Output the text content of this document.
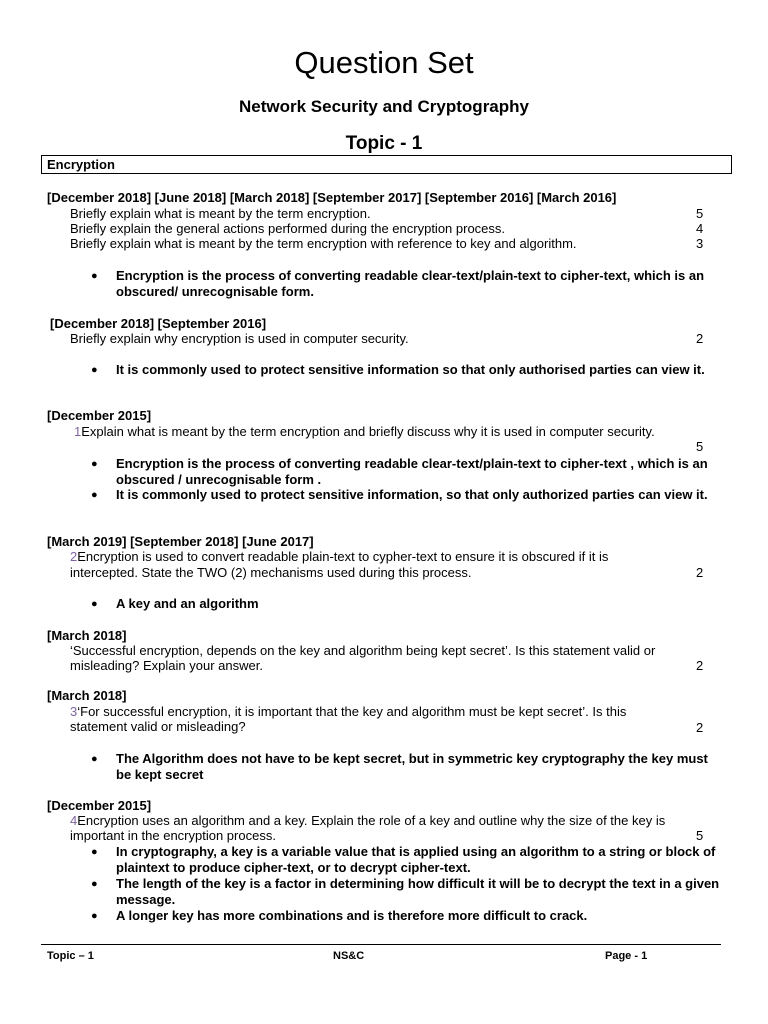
Question Set
Network Security and Cryptography
Topic - 1
Encryption
[December 2018] [June 2018] [March 2018] [September 2017] [September 2016] [March 2016]
Briefly explain what is meant by the term encryption.	5
Briefly explain the general actions performed during the encryption process.	4
Briefly explain what is meant by the term encryption with reference to key and algorithm.	3
● Encryption is the process of converting readable clear-text/plain-text to cipher-text, which is an obscured/ unrecognisable form.
[December 2018] [September 2016]
Briefly explain why encryption is used in computer security.	2
● It is commonly used to protect sensitive information so that only authorised parties can view it.
[December 2015]
1Explain what is meant by the term encryption and briefly discuss why it is used in computer security.
5
● Encryption is the process of converting readable clear-text/plain-text to cipher-text , which is an obscured / unrecognisable form .
● It is commonly used to protect sensitive information, so that only authorized parties can view it.
[March 2019] [September 2018] [June 2017]
2Encryption is used to convert readable plain-text to cypher-text to ensure it is obscured if it is
intercepted. State the TWO (2) mechanisms used during this process.	2
● A key and an algorithm
[March 2018]
‘Successful encryption, depends on the key and algorithm being kept secret’. Is this statement valid or
misleading? Explain your answer.	2
[March 2018]
3‘For successful encryption, it is important that the key and algorithm must be kept secret’. Is this
statement valid or misleading?	2
● The Algorithm does not have to be kept secret, but in symmetric key cryptography the key must be kept secret
[December 2015]
4Encryption uses an algorithm and a key. Explain the role of a key and outline why the size of the key is
important in the encryption process.	5
● In cryptography, a key is a variable value that is applied using an algorithm to a string or block of plaintext to produce cipher-text, or to decrypt cipher-text.
● The length of the key is a factor in determining how difficult it will be to decrypt the text in a given message.
● A longer key has more combinations and is therefore more difficult to crack.
Topic – 1	NS&C	Page - 1
